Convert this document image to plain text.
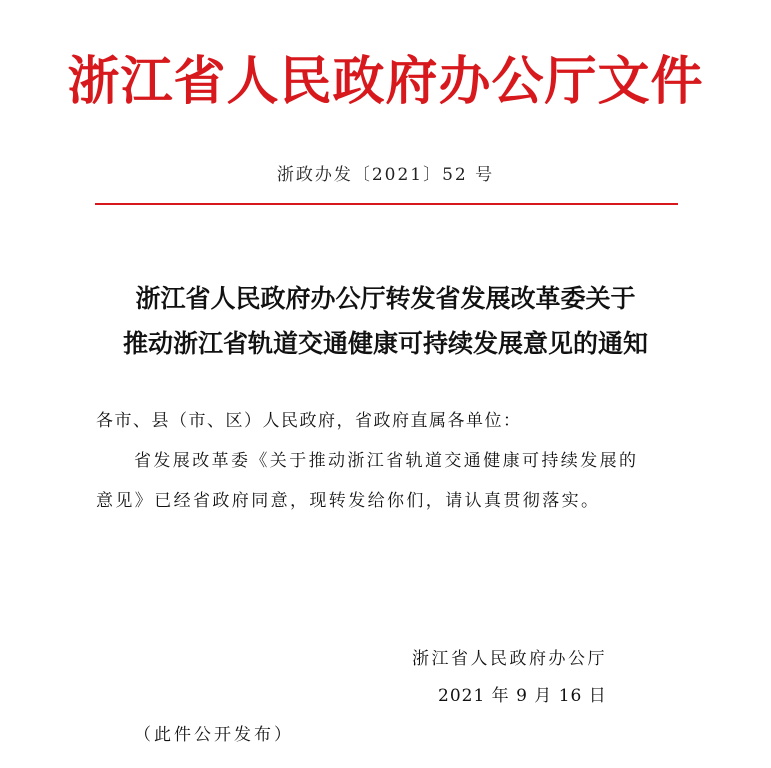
浙江省人民政府办公厅文件
浙政办发〔2021〕52 号
浙江省人民政府办公厅转发省发展改革委关于
推动浙江省轨道交通健康可持续发展意见的通知
各市、县（市、区）人民政府，省政府直属各单位：
省发展改革委《关于推动浙江省轨道交通健康可持续发展的
意见》已经省政府同意，现转发给你们，请认真贯彻落实。
浙江省人民政府办公厅
2021 年 9 月 16 日
（此件公开发布）
